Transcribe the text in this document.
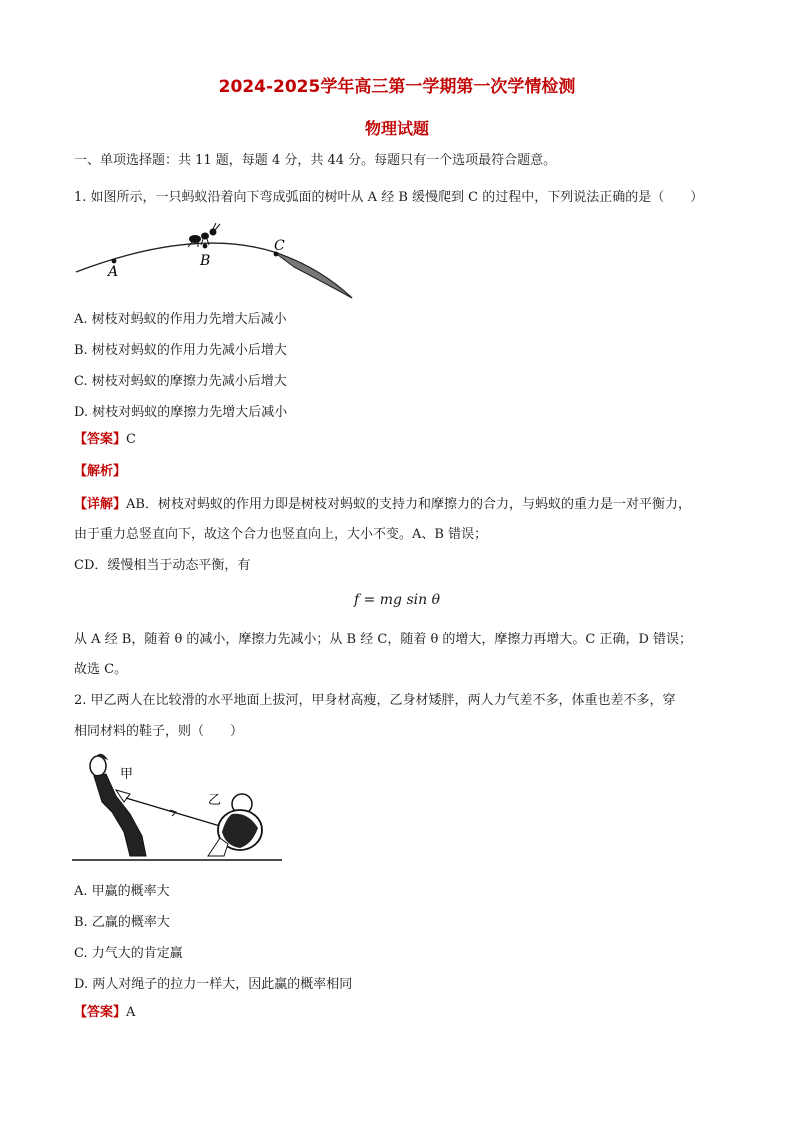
2024-2025学年高三第一学期第一次学情检测
物理试题
一、单项选择题：共 11 题，每题 4 分，共 44 分。每题只有一个选项最符合题意。
1. 如图所示，一只蚂蚁沿着向下弯成弧面的树叶从 A 经 B 缓慢爬到 C 的过程中，下列说法正确的是（　　）
A
B
C
A. 树枝对蚂蚁的作用力先增大后减小
B. 树枝对蚂蚁的作用力先减小后增大
C. 树枝对蚂蚁的摩擦力先减小后增大
D. 树枝对蚂蚁的摩擦力先增大后减小
【答案】C
【解析】
【详解】AB．树枝对蚂蚁的作用力即是树枝对蚂蚁的支持力和摩擦力的合力，与蚂蚁的重力是一对平衡力，
由于重力总竖直向下，故这个合力也竖直向上，大小不变。A、B 错误；
CD．缓慢相当于动态平衡，有
f = mg sin θ
从 A 经 B，随着 θ 的减小，摩擦力先减小；从 B 经 C，随着 θ 的增大，摩擦力再增大。C 正确，D 错误；
故选 C。
2. 甲乙两人在比较滑的水平地面上拔河，甲身材高瘦，乙身材矮胖，两人力气差不多，体重也差不多，穿
相同材料的鞋子，则（　　）
甲
乙
A. 甲赢的概率大
B. 乙赢的概率大
C. 力气大的肯定赢
D. 两人对绳子的拉力一样大，因此赢的概率相同
【答案】A
